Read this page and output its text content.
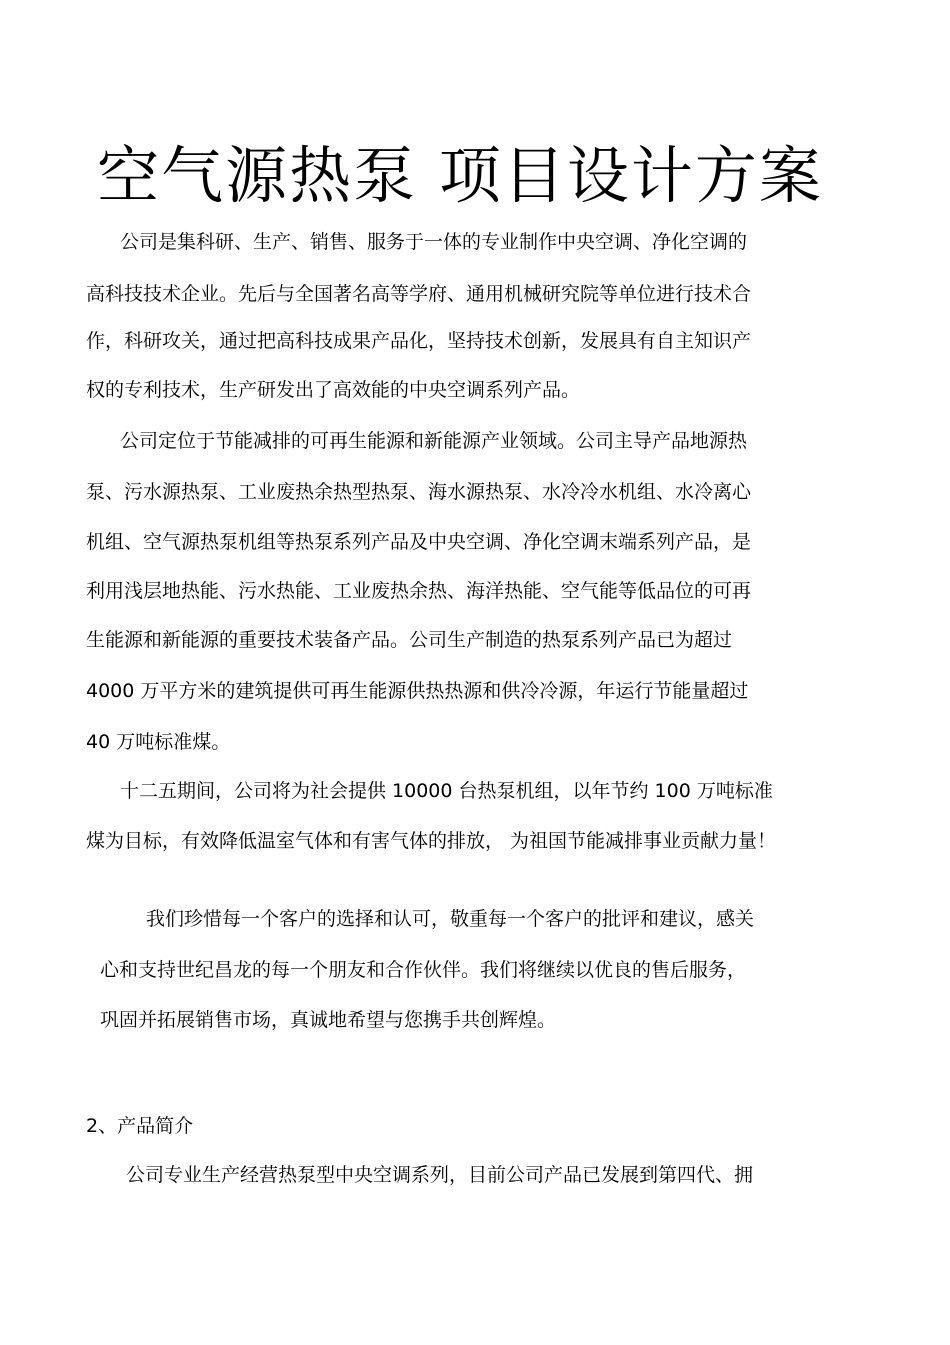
空气源热泵 项目设计方案
公司是集科研、生产、销售、服务于一体的专业制作中央空调、净化空调的
高科技技术企业。先后与全国著名高等学府、通用机械研究院等单位进行技术合
作，科研攻关，通过把高科技成果产品化，坚持技术创新，发展具有自主知识产
权的专利技术，生产研发出了高效能的中央空调系列产品。
公司定位于节能减排的可再生能源和新能源产业领域。公司主导产品地源热
泵、污水源热泵、工业废热余热型热泵、海水源热泵、水冷冷水机组、水冷离心
机组、空气源热泵机组等热泵系列产品及中央空调、净化空调末端系列产品，是
利用浅层地热能、污水热能、工业废热余热、海洋热能、空气能等低品位的可再
生能源和新能源的重要技术装备产品。公司生产制造的热泵系列产品已为超过
4000 万平方米的建筑提供可再生能源供热热源和供冷冷源，年运行节能量超过
40 万吨标准煤。
十二五期间，公司将为社会提供 10000 台热泵机组，以年节约 100 万吨标准
煤为目标，有效降低温室气体和有害气体的排放， 为祖国节能减排事业贡献力量！
我们珍惜每一个客户的选择和认可，敬重每一个客户的批评和建议，感关
心和支持世纪昌龙的每一个朋友和合作伙伴。我们将继续以优良的售后服务，
巩固并拓展销售市场，真诚地希望与您携手共创辉煌。
2、产品简介
公司专业生产经营热泵型中央空调系列，目前公司产品已发展到第四代、拥
